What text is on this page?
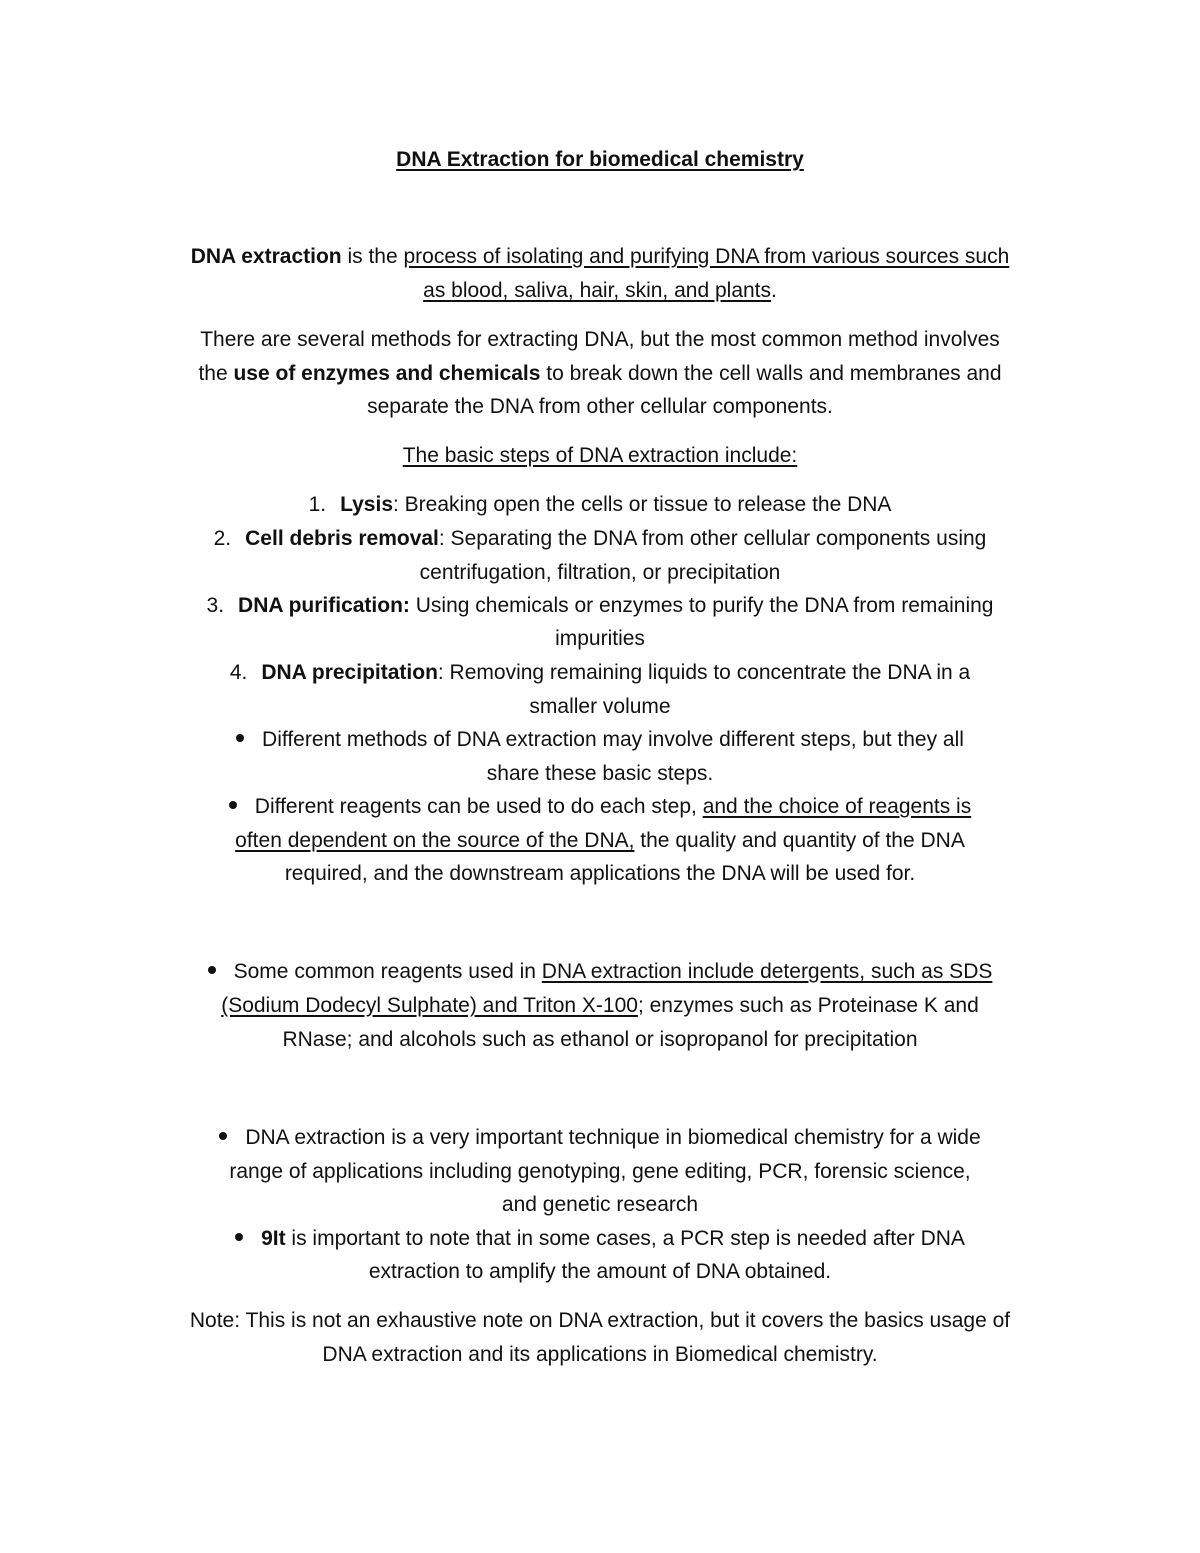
DNA Extraction for biomedical chemistry
DNA extraction is the process of isolating and purifying DNA from various sources such
as blood, saliva, hair, skin, and plants.
There are several methods for extracting DNA, but the most common method involves
the use of enzymes and chemicals to break down the cell walls and membranes and
separate the DNA from other cellular components.
The basic steps of DNA extraction include:
1. Lysis: Breaking open the cells or tissue to release the DNA
2. Cell debris removal: Separating the DNA from other cellular components using
centrifugation, filtration, or precipitation
3. DNA purification: Using chemicals or enzymes to purify the DNA from remaining
impurities
4. DNA precipitation: Removing remaining liquids to concentrate the DNA in a
smaller volume
Different methods of DNA extraction may involve different steps, but they all
share these basic steps.
Different reagents can be used to do each step, and the choice of reagents is
often dependent on the source of the DNA, the quality and quantity of the DNA
required, and the downstream applications the DNA will be used for.
Some common reagents used in DNA extraction include detergents, such as SDS
(Sodium Dodecyl Sulphate) and Triton X-100; enzymes such as Proteinase K and
RNase; and alcohols such as ethanol or isopropanol for precipitation
DNA extraction is a very important technique in biomedical chemistry for a wide
range of applications including genotyping, gene editing, PCR, forensic science,
and genetic research
9It is important to note that in some cases, a PCR step is needed after DNA
extraction to amplify the amount of DNA obtained.
Note: This is not an exhaustive note on DNA extraction, but it covers the basics usage of
DNA extraction and its applications in Biomedical chemistry.
